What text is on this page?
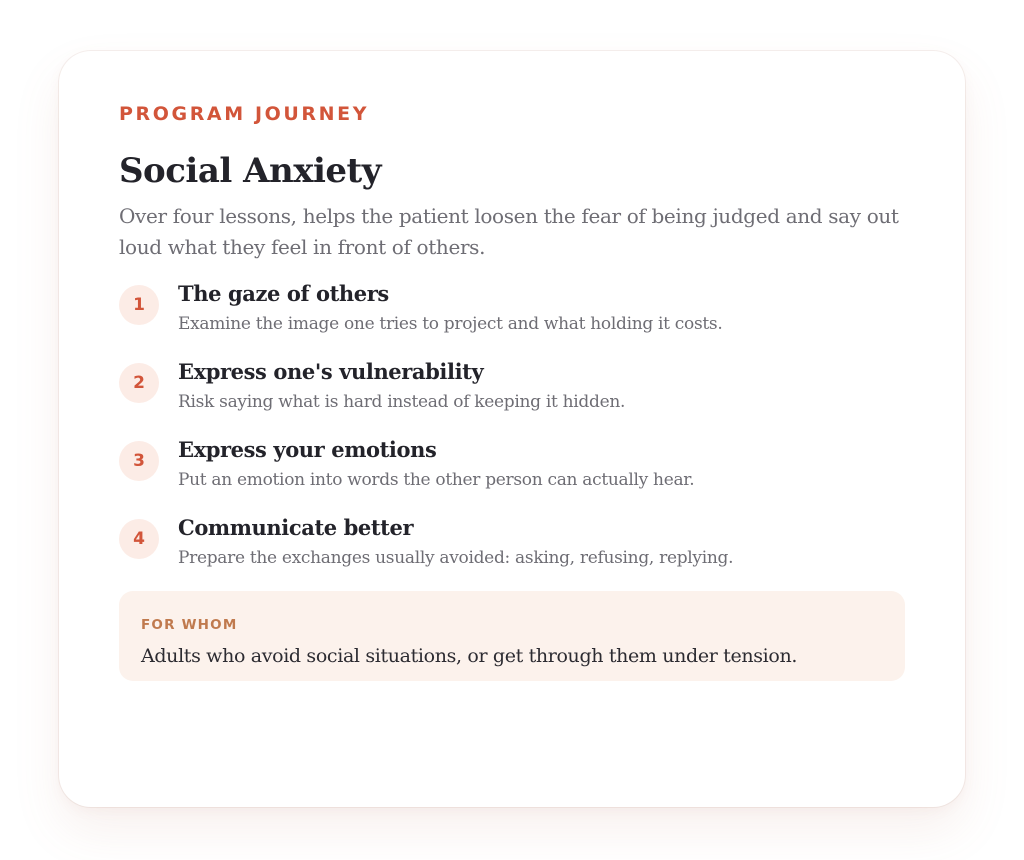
PROGRAM JOURNEY
Social Anxiety
Over four lessons, helps the patient loosen the fear of being judged and say out loud what they feel in front of others.
1	The gaze of others
Examine the image one tries to project and what holding it costs.
2	Express one's vulnerability
Risk saying what is hard instead of keeping it hidden.
3	Express your emotions
Put an emotion into words the other person can actually hear.
4	Communicate better
Prepare the exchanges usually avoided: asking, refusing, replying.
FOR WHOM
Adults who avoid social situations, or get through them under tension.
